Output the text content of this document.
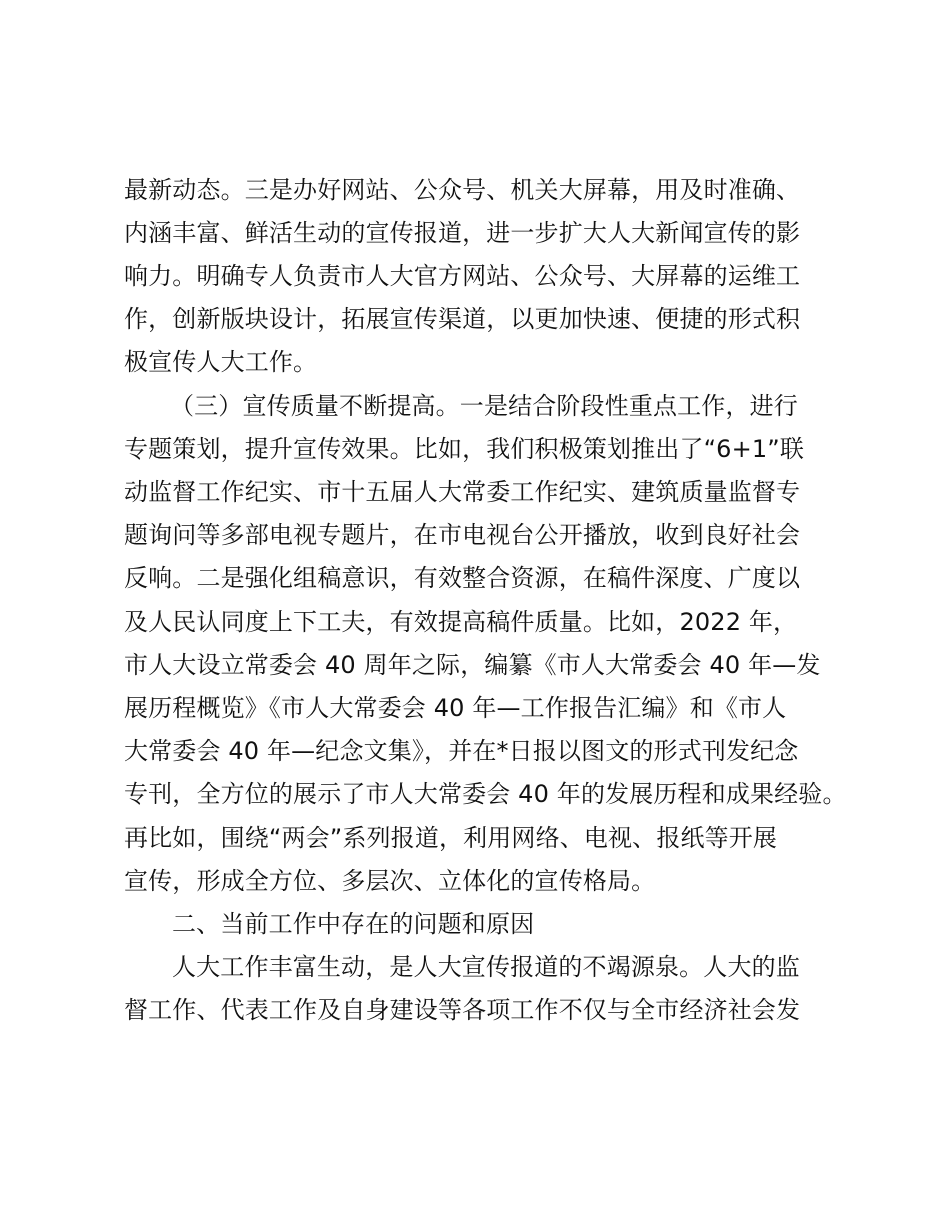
最新动态。三是办好网站、公众号、机关大屏幕，用及时准确、
内涵丰富、鲜活生动的宣传报道，进一步扩大人大新闻宣传的影
响力。明确专人负责市人大官方网站、公众号、大屏幕的运维工
作，创新版块设计，拓展宣传渠道，以更加快速、便捷的形式积
极宣传人大工作。
（三）宣传质量不断提高。一是结合阶段性重点工作，进行
专题策划，提升宣传效果。比如，我们积极策划推出了“6+1”联
动监督工作纪实、市十五届人大常委工作纪实、建筑质量监督专
题询问等多部电视专题片，在市电视台公开播放，收到良好社会
反响。二是强化组稿意识，有效整合资源，在稿件深度、广度以
及人民认同度上下工夫，有效提高稿件质量。比如，2022 年，
市人大设立常委会 40 周年之际，编纂《市人大常委会 40 年—发
展历程概览》《市人大常委会 40 年—工作报告汇编》和《市人
大常委会 40 年—纪念文集》，并在*日报以图文的形式刊发纪念
专刊，全方位的展示了市人大常委会 40 年的发展历程和成果经验。
再比如，围绕“两会”系列报道，利用网络、电视、报纸等开展
宣传，形成全方位、多层次、立体化的宣传格局。
二、当前工作中存在的问题和原因
人大工作丰富生动，是人大宣传报道的不竭源泉。人大的监
督工作、代表工作及自身建设等各项工作不仅与全市经济社会发
